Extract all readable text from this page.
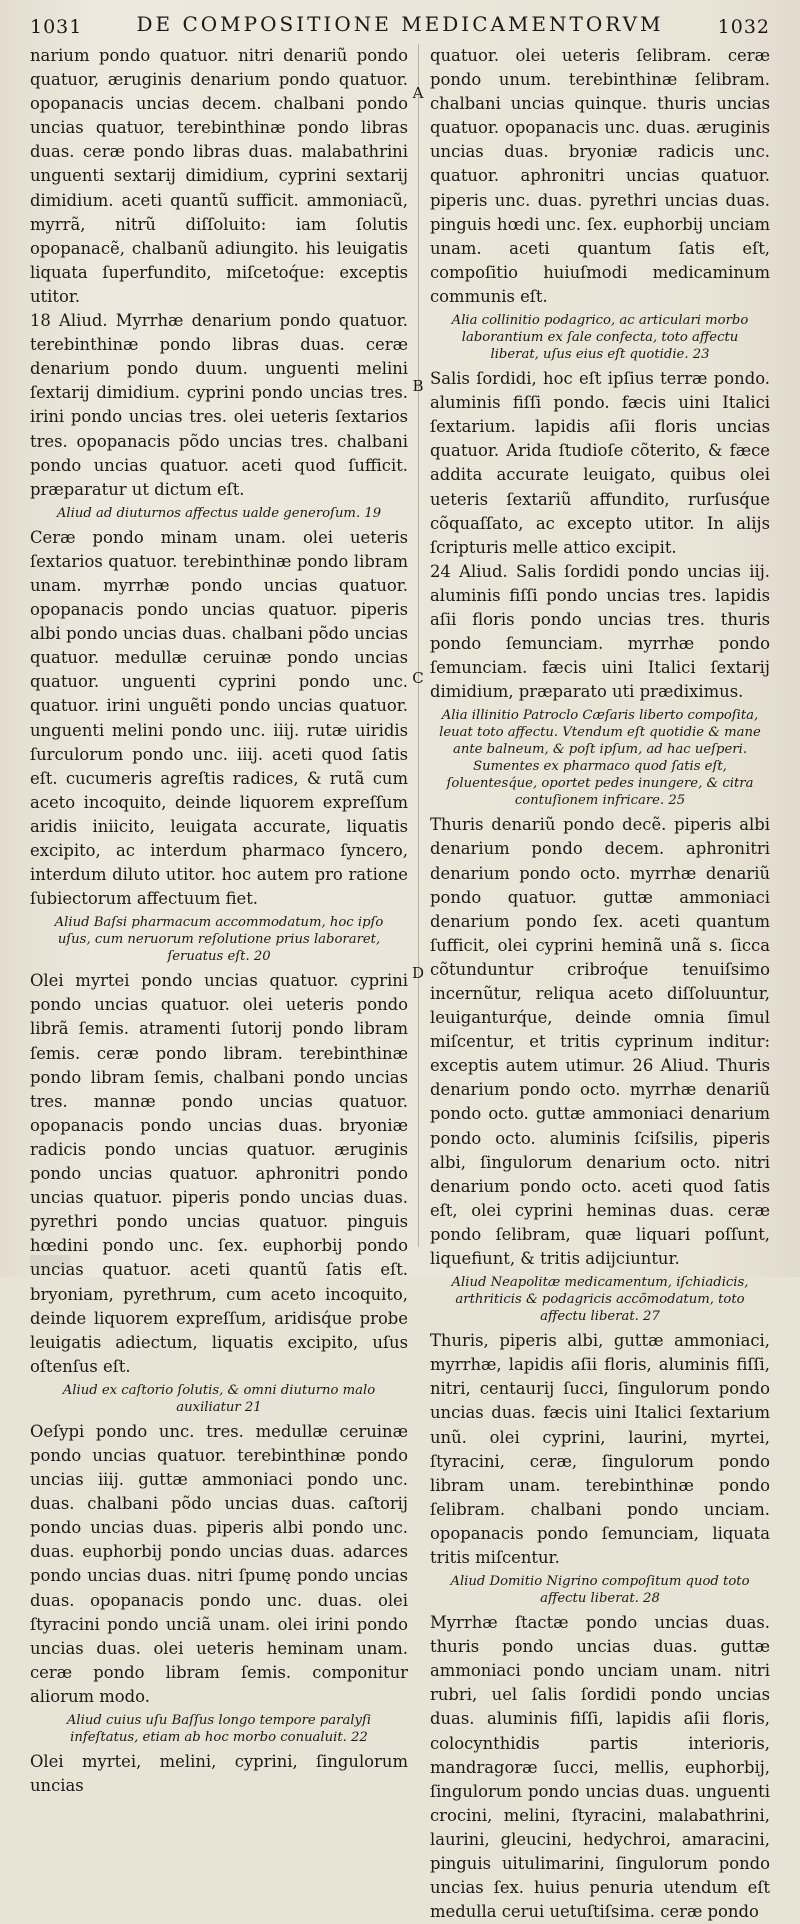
1031	DE COMPOSITIONE MEDICAMENTORVM	1032
narium pondo quatuor. nitri denariũ pondo quatuor, æruginis denarium pondo quatuor. opopanacis uncias decem. chalbani pondo uncias quatuor, terebinthinæ pondo libras duas. ceræ pondo libras duas. malabathrini unguenti sextarij dimidium, cyprini sextarij dimidium. aceti quantũ sufficit. ammoniacũ, myrrã, nitrũ diſſoluito: iam ſolutis opopanacẽ, chalbanũ adiungito. his leuigatis liquata ſuperfundito, miſcetoq́ue: exceptis utitor.
18 Aliud. Myrrhæ denarium pondo quatuor. terebinthinæ pondo libras duas. ceræ denarium pondo duum. unguenti melini ſextarij dimidium. cyprini pondo uncias tres. irini pondo uncias tres. olei ueteris ſextarios tres. opopanacis põdo uncias tres. chalbani pondo uncias quatuor. aceti quod ſufficit. præparatur ut dictum eſt.
Aliud ad diuturnos affectus ualde generoſum. 19
Ceræ pondo minam unam. olei ueteris ſextarios quatuor. terebinthinæ pondo libram unam. myrrhæ pondo uncias quatuor. opopanacis pondo uncias quatuor. piperis albi pondo uncias duas. chalbani põdo uncias quatuor. medullæ ceruinæ pondo uncias quatuor. unguenti cyprini pondo unc. quatuor. irini unguẽti pondo uncias quatuor. unguenti melini pondo unc. iiij. rutæ uiridis ſurculorum pondo unc. iiij. aceti quod ſatis eſt. cucumeris agreſtis radices, & rutã cum aceto incoquito, deinde liquorem expreſſum aridis iniicito, leuigata accurate, liquatis excipito, ac interdum pharmaco ſyncero, interdum diluto utitor. hoc autem pro ratione ſubiectorum affectuum fiet.
Aliud Baſsi pharmacum accommodatum, hoc ipſo uſus, cum neruorum reſolutione prius laboraret, ſeruatus eſt. 20
Olei myrtei pondo uncias quatuor. cyprini pondo uncias quatuor. olei ueteris pondo librã ſemis. atramenti ſutorij pondo libram ſemis. ceræ pondo libram. terebinthinæ pondo libram ſemis, chalbani pondo uncias tres. mannæ pondo uncias quatuor. opopanacis pondo uncias duas. bryoniæ radicis pondo uncias quatuor. æruginis pondo uncias quatuor. aphronitri pondo uncias quatuor. piperis pondo uncias duas. pyrethri pondo uncias quatuor. pinguis hœdini pondo unc. ſex. euphorbij pondo uncias quatuor. aceti quantũ ſatis eſt. bryoniam, pyrethrum, cum aceto incoquito, deinde liquorem expreſſum, aridisq́ue probe leuigatis adiectum, liquatis excipito, uſus oſtenſus eſt.
Aliud ex caſtorio ſolutis, & omni diuturno malo auxiliatur 21
Oeſypi pondo unc. tres. medullæ ceruinæ pondo uncias quatuor. terebinthinæ pondo uncias iiij. guttæ ammoniaci pondo unc. duas. chalbani põdo uncias duas. caſtorij pondo uncias duas. piperis albi pondo unc. duas. euphorbij pondo uncias duas. adarces pondo uncias duas. nitri ſpumę pondo uncias duas. opopanacis pondo unc. duas. olei ſtyracini pondo unciã unam. olei irini pondo uncias duas. olei ueteris heminam unam. ceræ pondo libram ſemis. componitur aliorum modo.
Aliud cuius uſu Baſſus longo tempore paralyſi infeſtatus, etiam ab hoc morbo conualuit. 22
Olei myrtei, melini, cyprini, ſingulorum uncias
A
B
C
D
quatuor. olei ueteris ſelibram. ceræ pondo unum. terebinthinæ ſelibram. chalbani uncias quinque. thuris uncias quatuor. opopanacis unc. duas. æruginis uncias duas. bryoniæ radicis unc. quatuor. aphronitri uncias quatuor. piperis unc. duas. pyrethri uncias duas. pinguis hœdi unc. ſex. euphorbij unciam unam. aceti quantum ſatis eſt, compoſitio huiuſmodi medicaminum communis eſt.
Alia collinitio podagrico, ac articulari morbo laborantium ex ſale confecta, toto affectu liberat, uſus eius eſt quotidie. 23
Salis ſordidi, hoc eſt ipſius terræ pondo. aluminis fiſſi pondo. fæcis uini Italici ſextarium. lapidis aſii floris uncias quatuor. Arida ſtudioſe cõterito, & fæce addita accurate leuigato, quibus olei ueteris ſextariũ affundito, rurſusq́ue cõquaſſato, ac excepto utitor. In alijs ſcripturis melle attico excipit.
24 Aliud. Salis ſordidi pondo uncias iij. aluminis fiſſi pondo uncias tres. lapidis aſii floris pondo uncias tres. thuris pondo ſemunciam. myrrhæ pondo ſemunciam. fæcis uini Italici ſextarij dimidium, præparato uti prædiximus.
Alia illinitio Patroclo Cæſaris liberto compoſita, leuat toto affectu. Vtendum eſt quotidie & mane ante balneum, & poſt ipſum, ad hac ueſperi. Sumentes ex pharmaco quod ſatis eſt, ſoluentesq́ue, oportet pedes inungere, & citra contuſionem infricare. 25
Thuris denariũ pondo decẽ. piperis albi denarium pondo decem. aphronitri denarium pondo octo. myrrhæ denariũ pondo quatuor. guttæ ammoniaci denarium pondo ſex. aceti quantum ſufficit, olei cyprini heminã unã s. ſicca cõtunduntur cribroq́ue tenuiſsimo incernũtur, reliqua aceto diſſoluuntur, leuiganturq́ue, deinde omnia ſimul miſcentur, et tritis cyprinum inditur: exceptis autem utimur. 26 Aliud. Thuris denarium pondo octo. myrrhæ denariũ pondo octo. guttæ ammoniaci denarium pondo octo. aluminis ſciſsilis, piperis albi, ſingulorum denarium octo. nitri denarium pondo octo. aceti quod ſatis eſt, olei cyprini heminas duas. ceræ pondo ſelibram, quæ liquari poſſunt, liquefiunt, & tritis adijciuntur.
Aliud Neapolitæ medicamentum, iſchiadicis, arthriticis & podagricis accõmodatum, toto affectu liberat. 27
Thuris, piperis albi, guttæ ammoniaci, myrrhæ, lapidis aſii floris, aluminis fiſſi, nitri, centaurij ſucci, ſingulorum pondo uncias duas. fæcis uini Italici ſextarium unũ. olei cyprini, laurini, myrtei, ſtyracini, ceræ, ſingulorum pondo libram unam. terebinthinæ pondo ſelibram. chalbani pondo unciam. opopanacis pondo ſemunciam, liquata tritis miſcentur.
Aliud Domitio Nigrino compoſitum quod toto affectu liberat. 28
Myrrhæ ſtactæ pondo uncias duas. thuris pondo uncias duas. guttæ ammoniaci pondo unciam unam. nitri rubri, uel ſalis ſordidi pondo uncias duas. aluminis fiſſi, lapidis aſii floris, colocynthidis partis interioris, mandragoræ ſucci, mellis, euphorbij, ſingulorum pondo uncias duas. unguenti crocini, melini, ſtyracini, malabathrini, laurini, gleucini, hedychroi, amaracini, pinguis uitulimarini, ſingulorum pondo uncias ſex. huius penuria utendum eſt medulla cerui uetuſtiſsima. ceræ pondo
